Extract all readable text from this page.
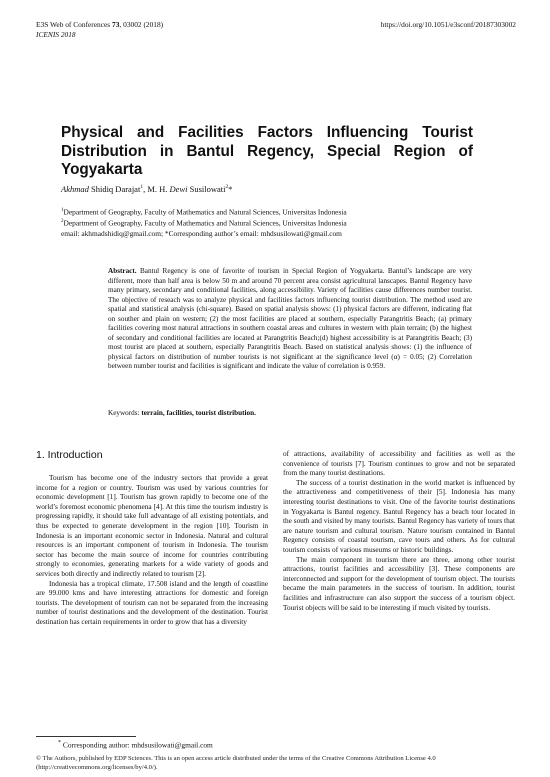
E3S Web of Conferences 73, 03002 (2018)
ICENIS 2018
https://doi.org/10.1051/e3sconf/20187303002
Physical and Facilities Factors Influencing Tourist Distribution in Bantul Regency, Special Region of Yogyakarta
Akhmad Shidiq Darajat$^1$, M. H. Dewi Susilowati$^2$*
$^1$Department of Geography, Faculty of Mathematics and Natural Sciences, Universitas Indonesia
$^2$Department of Geography, Faculty of Mathematics and Natural Sciences, Universitas Indonesia
email: akhmadshidiq@gmail.com; *Corresponding author’s email: mhdsusilowati@gmail.com
Abstract. Bantul Regency is one of favorite of tourism in Special Region of Yogyakarta. Bantul’s landscape are very different, more than half area is below 50 m and around 70 percent area consist agricultural lanscapes. Bantul Regency have many primary, secondary and conditional facilities, along accessibility. Variety of facilities cause differences number tourist. The objective of reseach was to analyze physical and facilities factors influencing tourist distribution. The method used are spatial and statistical analysis (chi-square). Based on spatial analysis shows: (1) physical factors are different, indicating flat on souther and plain on western; (2) the most facilities are placed at southern, especially Parangtritis Beach; (a) primary facilities covering most natural attractions in southern coastal areas and cultures in western with plain terrain; (b) the highest of secondary and conditional facilities are located at Parangtritis Beach;(d) highest accessibility is at Parangtritis Beach; (3) most tourist are placed at southern, especially Parangtritis Beach. Based on statistical analysis shows: (1) the influence of physical factors on distribution of number tourists is not significant at the significance level (α) = 0.05; (2) Correlation between number tourist and facilities is significant and indicate the value of correlation is 0.959.
Keywords: terrain, facilities, tourist distribution.
1. Introduction

Tourism has become one of the industry sectors that provide a great income for a region or country. Tourism was used by various countries for economic development [1]. Tourism has grown rapidly to become one of the world’s foremost economic phenomena [4]. At this time the tourism industry is progressing rapidly, it should take full advantage of all existing potentials, and thus be expected to generate development in the region [10]. Tourism in Indonesia is an important economic sector in Indonesia. Natural and cultural resources is an important component of tourism in Indonesia. The tourism sector has become the main source of income for countries contributing strongly to economies, generating markets for a wide variety of goods and services both directly and indirectly related to tourism [2].

Indonesia has a tropical climate, 17.508 island and the length of coastline are 99.000 kms and have interesting attractions for domestic and foreign tourists. The development of tourism can not be separated from the increasing number of tourist destinations and the development of the destination. Tourist destination has certain requirements in order to grow that has a diversity

of attractions, availability of accessibility and facilities as well as the convenience of tourists [7]. Tourism continues to grow and not be separated from the many tourist destinations.

The success of a tourist destination in the world market is influenced by the attractiveness and competitiveness of their [5]. Indonesia has many interesting tourist destinations to visit. One of the favorite tourist destinations in Yogyakarta is Bantul regency. Bantul Regency has a beach tour located in the south and visited by many tourists. Bantul Regency has variety of tours that are nature tourism and cultural tourism. Nature tourism contained in Bantul Regency consists of coastal tourism, cave tours and others. As for cultural tourism consists of various museums or historic buildings.

The main component in tourism there are three, among other tourist attractions, tourist facilities and accessibility [3]. These components are interconnected and support for the development of tourism object. The tourists became the main parameters in the success of tourism. In addition, tourist facilities and infrastructure can also support the success of a tourism object. Tourist objects will be said to be interesting if much visited by tourists.

* Corresponding author: mhdsusilowati@gmail.com
© The Authors, published by EDP Sciences. This is an open access article distributed under the terms of the Creative Commons Attribution License 4.0 (http://creativecommons.org/licenses/by/4.0/).
